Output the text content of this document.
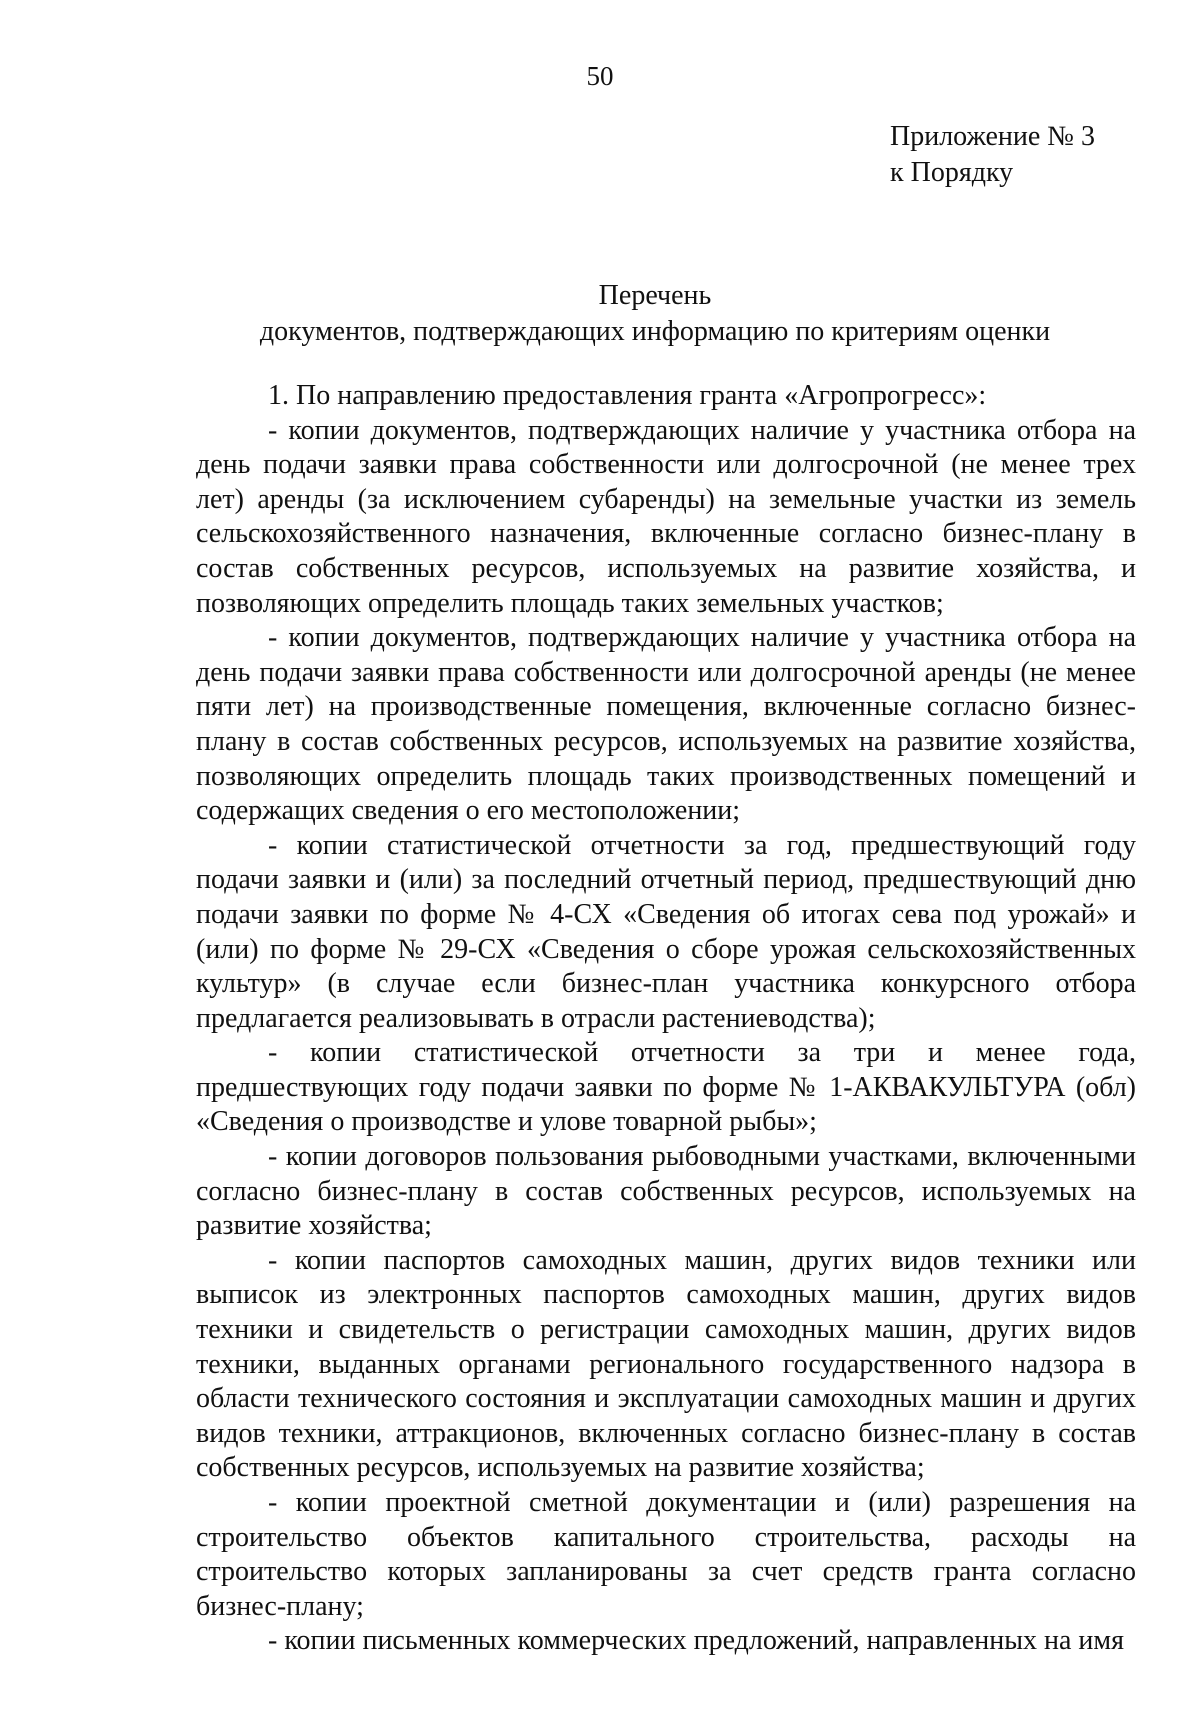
50
Приложение № 3
к Порядку
Перечень
документов, подтверждающих информацию по критериям оценки

1. По направлению предоставления гранта «Агропрогресс»:

- копии документов, подтверждающих наличие у участника отбора на день подачи заявки права собственности или долгосрочной (не менее трех лет) аренды (за исключением субаренды) на земельные участки из земель сельскохозяйственного назначения, включенные согласно бизнес-плану в состав собственных ресурсов, используемых на развитие хозяйства, и позволяющих определить площадь таких земельных участков;

- копии документов, подтверждающих наличие у участника отбора на день подачи заявки права собственности или долгосрочной аренды (не менее пяти лет) на производственные помещения, включенные согласно бизнес-плану в состав собственных ресурсов, используемых на развитие хозяйства, позволяющих определить площадь таких производственных помещений и содержащих сведения о его местоположении;

- копии статистической отчетности за год, предшествующий году подачи заявки и (или) за последний отчетный период, предшествующий дню подачи заявки по форме № 4-СХ «Сведения об итогах сева под урожай» и (или) по форме № 29-СХ «Сведения о сборе урожая сельскохозяйственных культур» (в случае если бизнес-план участника конкурсного отбора предлагается реализовывать в отрасли растениеводства);

- копии статистической отчетности за три и менее года, предшествующих году подачи заявки по форме № 1-АКВАКУЛЬТУРА (обл) «Сведения о производстве и улове товарной рыбы»;

- копии договоров пользования рыбоводными участками, включенными согласно бизнес-плану в состав собственных ресурсов, используемых на развитие хозяйства;

- копии паспортов самоходных машин, других видов техники или выписок из электронных паспортов самоходных машин, других видов техники и свидетельств о регистрации самоходных машин, других видов техники, выданных органами регионального государственного надзора в области технического состояния и эксплуатации самоходных машин и других видов техники, аттракционов, включенных согласно бизнес-плану в состав собственных ресурсов, используемых на развитие хозяйства;

- копии проектной сметной документации и (или) разрешения на строительство объектов капитального строительства, расходы на строительство которых запланированы за счет средств гранта согласно бизнес-плану;

- копии письменных коммерческих предложений, направленных на имя
